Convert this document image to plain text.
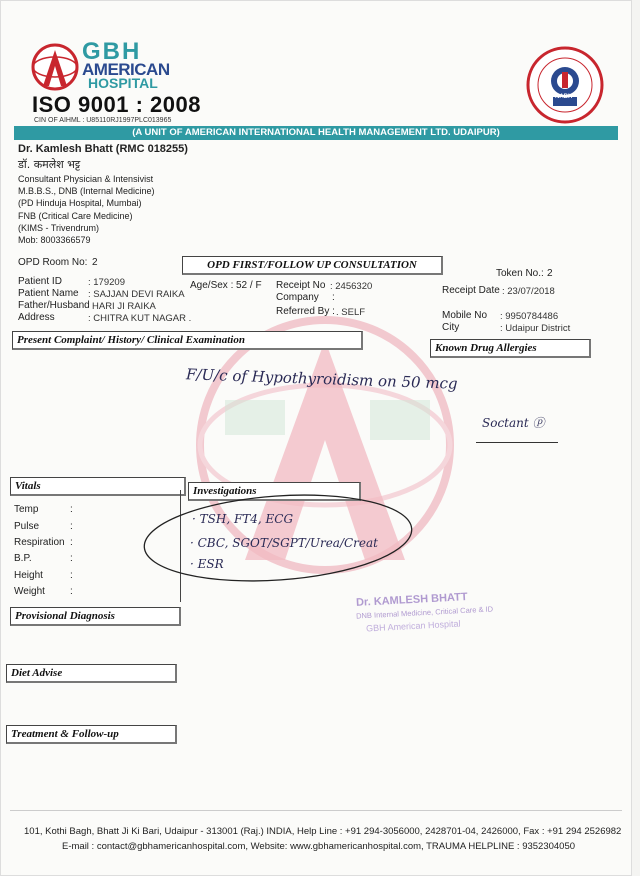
GBH
AMERICAN
HOSPITAL
ISO 9001 : 2008
CIN OF AIHML : U85110RJ1997PLC013965
NABH
(A UNIT OF AMERICAN INTERNATIONAL HEALTH MANAGEMENT LTD. UDAIPUR)
Dr. Kamlesh Bhatt (RMC 018255)
डॉ. कमलेश भट्ट
Consultant Physician & Intensivist
M.B.B.S., DNB (Internal Medicine)
(PD Hinduja Hospital, Mumbai)
FNB (Critical Care Medicine)
(KIMS - Trivendrum)
Mob: 8003366579
OPD Room No: 2	OPD FIRST/FOLLOW UP CONSULTATION
Token No.: 2
Patient ID	: 179209
Patient Name : SAJJAN DEVI RAIKA
Father/Husband HARI JI RAIKA
Address	: CHITRA KUT NAGAR .
Age/Sex : 52 / F Receipt No : 2456320
Company :
Referred By : . SELF
Receipt Date : 23/07/2018
Mobile No : 9950784486
City	: Udaipur District
Present Complaint/ History/ Clinical Examination
Known Drug Allergies
F/U/c of Hypothyroidism on 50 mcg
Soctant ⓟ
Vitals	Investigations
Temp	:
Pulse	:
Respiration :
B.P.	:
Height	:
Weight	:
· TSH, FT4, ECG
· CBC, SGOT/SGPT/Urea/Creat
· ESR
Dr. KAMLESH BHATT
DNB Internal Medicine, Critical Care & ID
GBH American Hospital
Provisional Diagnosis
Diet Advise
Treatment & Follow-up
101, Kothi Bagh, Bhatt Ji Ki Bari, Udaipur - 313001 (Raj.) INDIA, Help Line : +91 294-3056000, 2428701-04, 2426000, Fax : +91 294 2526982
E-mail : contact@gbhamericanhospital.com, Website: www.gbhamericanhospital.com, TRAUMA HELPLINE : 9352304050
